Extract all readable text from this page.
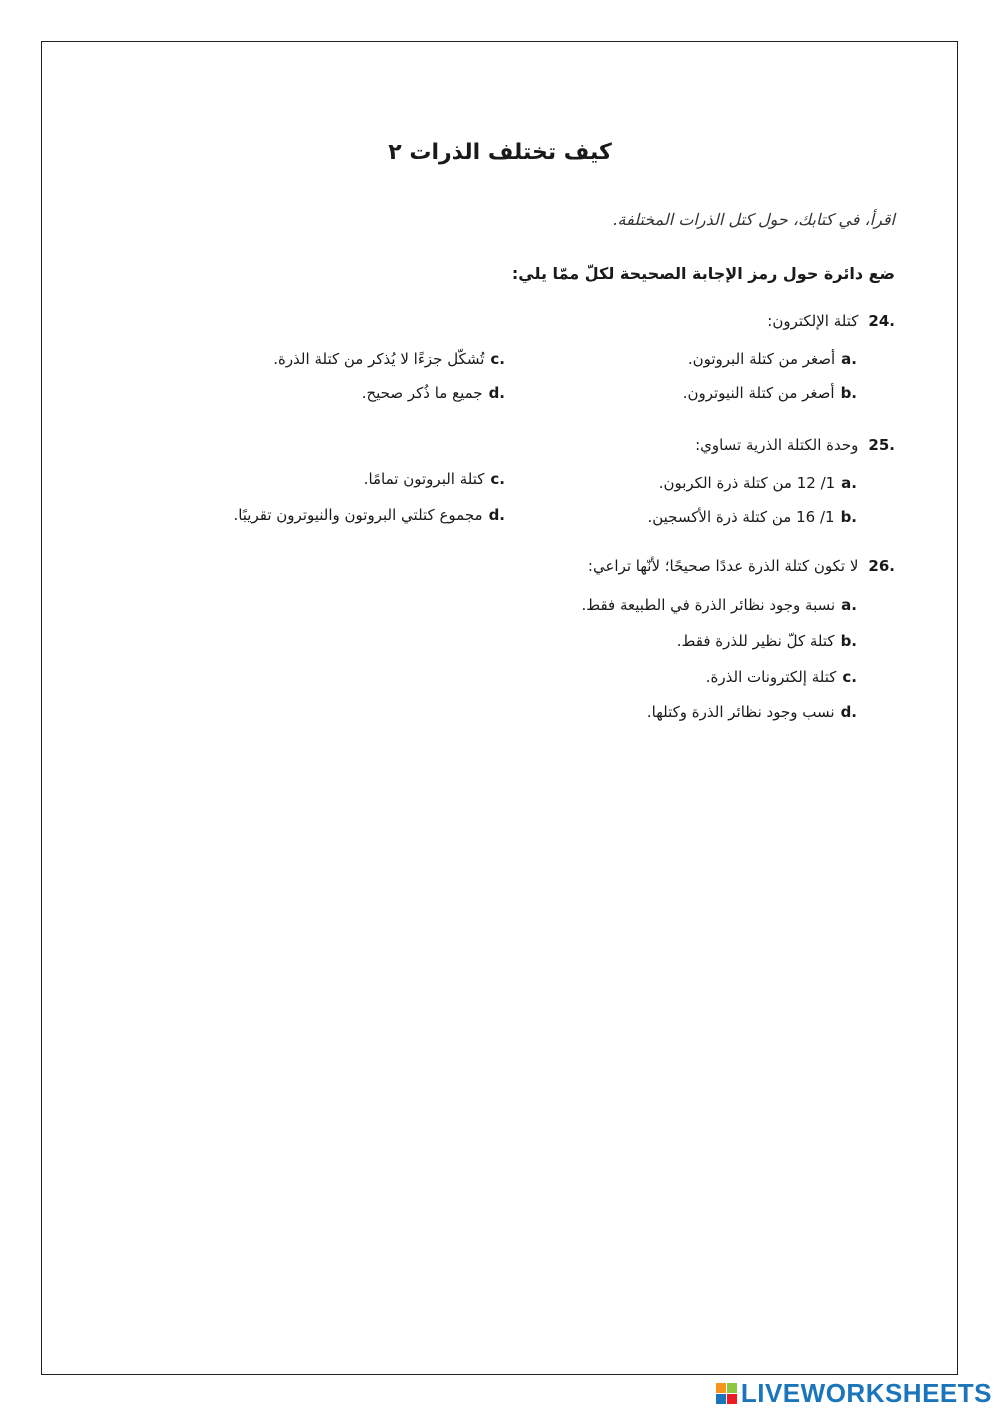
كيف تختلف الذرات ٢
اقرأ، في كتابك، حول كتل الذرات المختلفة.
ضع دائرة حول رمز الإجابة الصحيحة لكلّ ممّا يلي:
24.كتلة الإلكترون:
a.أصغر من كتلة البروتون.
b.أصغر من كتلة النيوترون.
c.تُشكّل جزءًا لا يُذكر من كتلة الذرة.
d.جميع ما ذُكر صحيح.
25.وحدة الكتلة الذرية تساوي:
a.1/ 12 من كتلة ذرة الكربون.
b.1/ 16 من كتلة ذرة الأكسجين.
c.كتلة البروتون تمامًا.
d.مجموع كتلتي البروتون والنيوترون تقريبًا.
26.لا تكون كتلة الذرة عددًا صحيحًا؛ لأنّها تراعي:
a.نسبة وجود نظائر الذرة في الطبيعة فقط.
b.كتلة كلّ نظير للذرة فقط.
c.كتلة إلكترونات الذرة.
d.نسب وجود نظائر الذرة وكتلها.
LIVEWORKSHEETS
